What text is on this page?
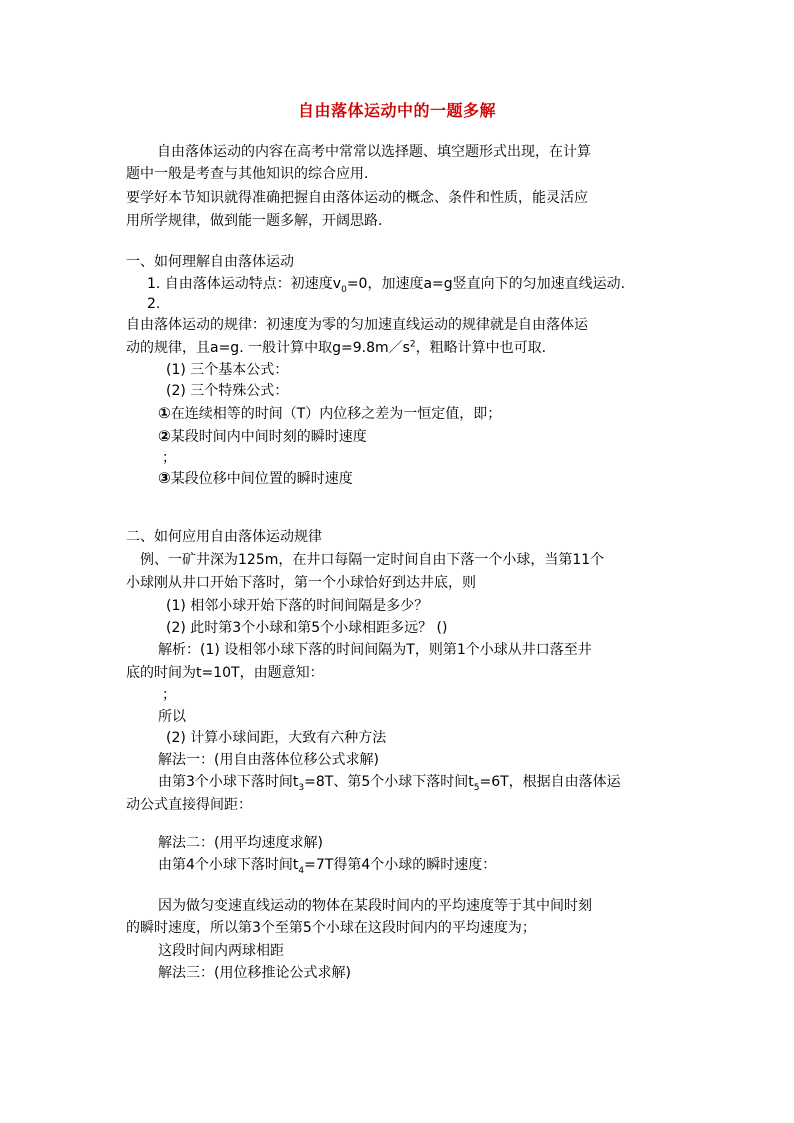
自由落体运动中的一题多解
自由落体运动的内容在高考中常常以选择题、填空题形式出现，在计算
题中一般是考查与其他知识的综合应用.
要学好本节知识就得准确把握自由落体运动的概念、条件和性质，能灵活应
用所学规律，做到能一题多解，开阔思路.
一、如何理解自由落体运动
1. 自由落体运动特点：初速度$v_0=0$，加速度a=g竖直向下的匀加速直线运动.
2.
自由落体运动的规律：初速度为零的匀加速直线运动的规律就是自由落体运
动的规律，且a=g. 一般计算中取$g=9.8m/s^2$，粗略计算中也可取.
(1) 三个基本公式：
(2) 三个特殊公式：
①在连续相等的时间（T）内位移之差为一恒定值，即；
②某段时间内中间时刻的瞬时速度
；
③某段位移中间位置的瞬时速度
二、如何应用自由落体运动规律
例、一矿井深为125m，在井口每隔一定时间自由下落一个小球，当第11个
小球刚从井口开始下落时，第一个小球恰好到达井底，则
(1) 相邻小球开始下落的时间间隔是多少？
(2) 此时第3个小球和第5个小球相距多远？ ()
解析：(1) 设相邻小球下落的时间间隔为T，则第1个小球从井口落至井
底的时间为t=10T，由题意知：
；
所以
(2) 计算小球间距，大致有六种方法
解法一：(用自由落体位移公式求解)
由第3个小球下落时间$t_3=8T$、第5个小球下落时间$t_5=6T$，根据自由落体运
动公式直接得间距：
解法二：(用平均速度求解)
由第4个小球下落时间$t_4=7T$得第4个小球的瞬时速度：
因为做匀变速直线运动的物体在某段时间内的平均速度等于其中间时刻
的瞬时速度，所以第3个至第5个小球在这段时间内的平均速度为；
这段时间内两球相距
解法三：(用位移推论公式求解)
